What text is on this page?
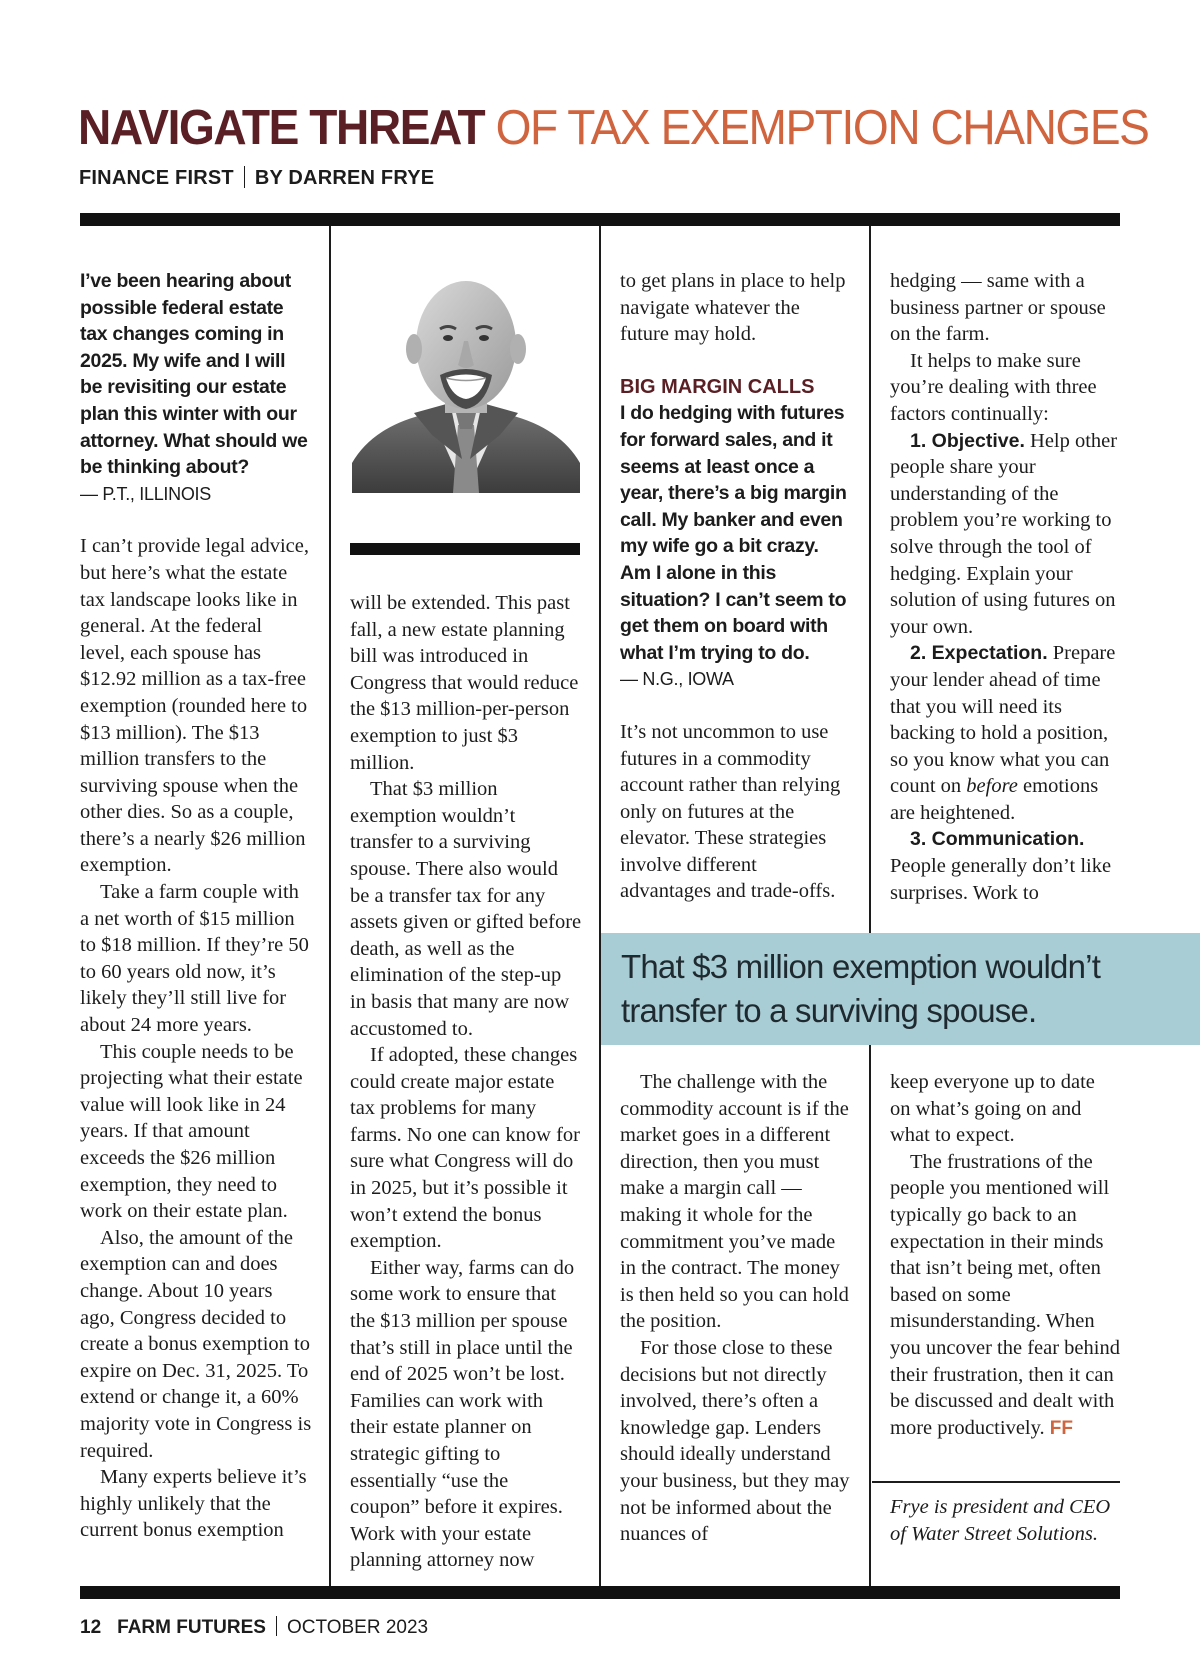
NAVIGATE THREAT OF TAX EXEMPTION CHANGES
FINANCE FIRST BY DARREN FRYE

I’ve been hearing about possible federal estate tax changes coming in 2025. My wife and I will be revisiting our estate plan this winter with our attorney. What should we be thinking about?

— P.T., ILLINOIS

I can’t provide legal advice, but here’s what the estate tax landscape looks like in general. At the federal level, each spouse has $12.92 million as a tax-free exemption (rounded here to $13 million). The $13 million transfers to the surviving spouse when the other dies. So as a couple, there’s a nearly $26 million exemption.

Take a farm couple with a net worth of $15 million to $18 million. If they’re 50 to 60 years old now, it’s likely they’ll still live for about 24 more years.

This couple needs to be projecting what their estate value will look like in 24 years. If that amount exceeds the $26 million exemption, they need to work on their estate plan.

Also, the amount of the exemption can and does change. About 10 years ago, Congress decided to create a bonus exemption to expire on Dec. 31, 2025. To extend or change it, a 60% majority vote in Congress is required.

Many experts believe it’s highly unlikely that the current bonus exemption

will be extended. This past fall, a new estate planning bill was introduced in Congress that would reduce the $13 million-per-person exemption to just $3 million.

That $3 million exemption wouldn’t transfer to a surviving spouse. There also would be a transfer tax for any assets given or gifted before death, as well as the elimination of the step-up in basis that many are now accustomed to.

If adopted, these changes could create major estate tax problems for many farms. No one can know for sure what Congress will do in 2025, but it’s possible it won’t extend the bonus exemption.

Either way, farms can do some work to ensure that the $13 million per spouse that’s still in place until the end of 2025 won’t be lost. Families can work with their estate planner on strategic gifting to essentially “use the coupon” before it expires. Work with your estate planning attorney now

to get plans in place to help navigate whatever the future may hold.

BIG MARGIN CALLS

I do hedging with futures for forward sales, and it seems at least once a year, there’s a big margin call. My banker and even my wife go a bit crazy. Am I alone in this situation? I can’t seem to get them on board with what I’m trying to do.

— N.G., IOWA

It’s not uncommon to use futures in a commodity account rather than relying only on futures at the elevator. These strategies involve different advantages and trade-offs.

hedging — same with a business partner or spouse on the farm.

It helps to make sure you’re dealing with three factors continually:

1. Objective. Help other people share your understanding of the problem you’re working to solve through the tool of hedging. Explain your solution of using futures on your own.

2. Expectation. Prepare your lender ahead of time that you will need its backing to hold a position, so you know what you can count on before emotions are heightened.

3. Communication. People generally don’t like surprises. Work to

That $3 million exemption wouldn’t transfer to a surviving spouse.

The challenge with the commodity account is if the market goes in a different direction, then you must make a margin call — making it whole for the commitment you’ve made in the contract. The money is then held so you can hold the position.

For those close to these decisions but not directly involved, there’s often a knowledge gap. Lenders should ideally understand your business, but they may not be informed about the nuances of

keep everyone up to date on what’s going on and what to expect.

The frustrations of the people you mentioned will typically go back to an expectation in their minds that isn’t being met, often based on some misunderstanding. When you uncover the fear behind their frustration, then it can be discussed and dealt with more productively. FF

Frye is president and CEO of Water Street Solutions.
12 FARM FUTURES OCTOBER 2023
